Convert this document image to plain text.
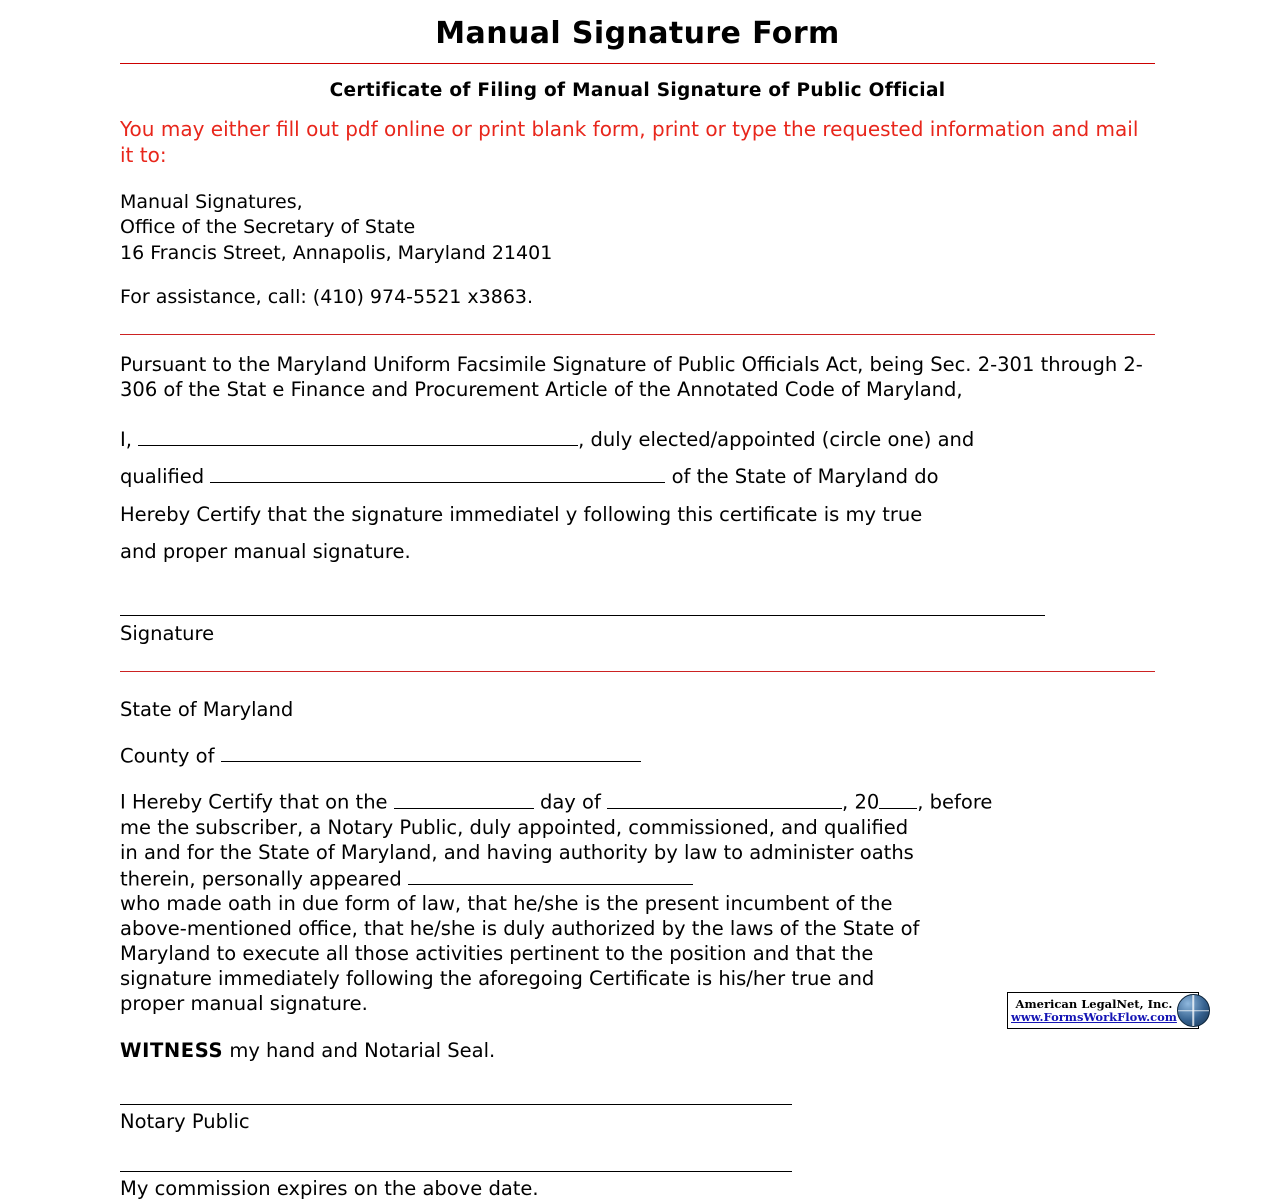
Manual Signature Form
Certificate of Filing of Manual Signature of Public Official
You may either fill out pdf online or print blank form, print or type the requested information and mail it to:
Manual Signatures,
Office of the Secretary of State
16 Francis Street, Annapolis, Maryland 21401
For assistance, call: (410) 974-5521 x3863.
Pursuant to the Maryland Uniform Facsimile Signature of Public Officials Act, being Sec. 2-301 through 2-306 of the Stat e Finance and Procurement Article of the Annotated Code of Maryland,
I,	, duly elected/appointed (circle one) and
qualified	of the State of Maryland do
Hereby Certify that the signature immediatel y following this certificate is my true
and proper manual signature.
Signature
State of Maryland
County of
I Hereby Certify that on the	day of	, 20 , before
me the subscriber, a Notary Public, duly appointed, commissioned, and qualified
in and for the State of Maryland, and having authority by law to administer oaths
therein, personally appeared
who made oath in due form of law, that he/she is the present incumbent of the
above-mentioned office, that he/she is duly authorized by the laws of the State of
Maryland to execute all those activities pertinent to the position and that the
signature immediately following the aforegoing Certificate is his/her true and
proper manual signature.
WITNESS my hand and Notarial Seal.
Notary Public
My commission expires on the above date.
American LegalNet, Inc.
www.FormsWorkFlow.com
